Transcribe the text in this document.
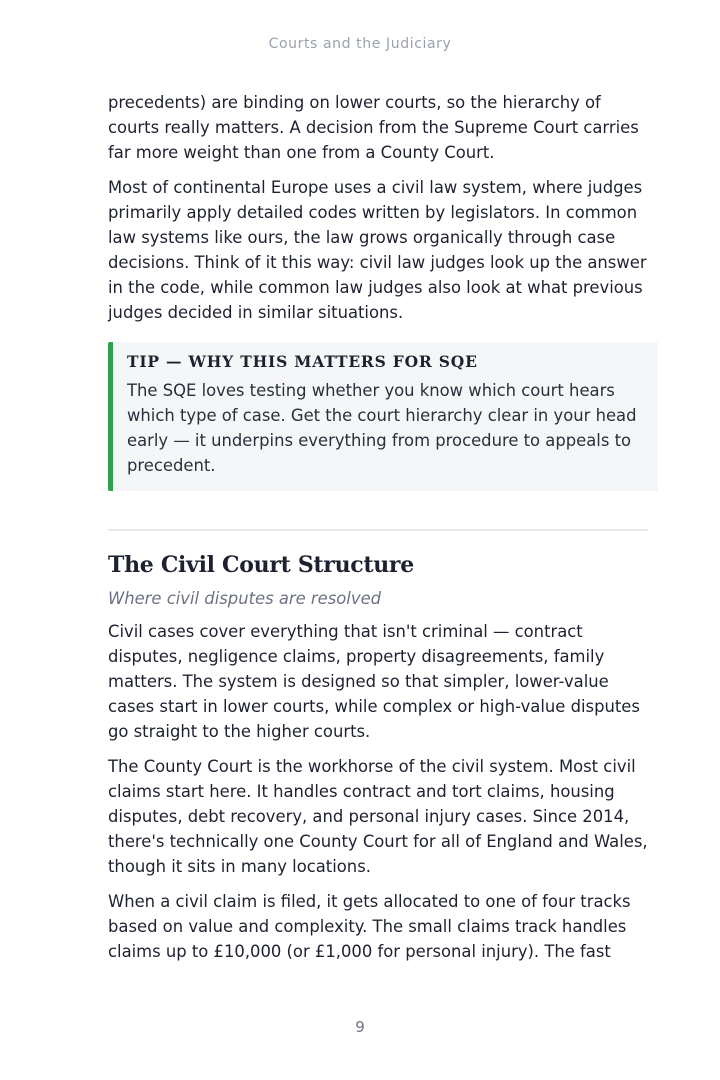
Courts and the Judiciary

precedents) are binding on lower courts, so the hierarchy of courts really matters. A decision from the Supreme Court carries far more weight than one from a County Court.

Most of continental Europe uses a civil law system, where judges primarily apply detailed codes written by legislators. In common law systems like ours, the law grows organically through case decisions. Think of it this way: civil law judges look up the answer in the code, while common law judges also look at what previous judges decided in similar situations.

TIP — WHY THIS MATTERS FOR SQE

The SQE loves testing whether you know which court hears which type of case. Get the court hierarchy clear in your head early — it underpins everything from procedure to appeals to precedent.

The Civil Court Structure
Where civil disputes are resolved

Civil cases cover everything that isn't criminal — contract disputes, negligence claims, property disagreements, family matters. The system is designed so that simpler, lower-value cases start in lower courts, while complex or high-value disputes go straight to the higher courts.

The County Court is the workhorse of the civil system. Most civil claims start here. It handles contract and tort claims, housing disputes, debt recovery, and personal injury cases. Since 2014, there's technically one County Court for all of England and Wales, though it sits in many locations.

When a civil claim is filed, it gets allocated to one of four tracks based on value and complexity. The small claims track handles claims up to £10,000 (or £1,000 for personal injury). The fast

9
